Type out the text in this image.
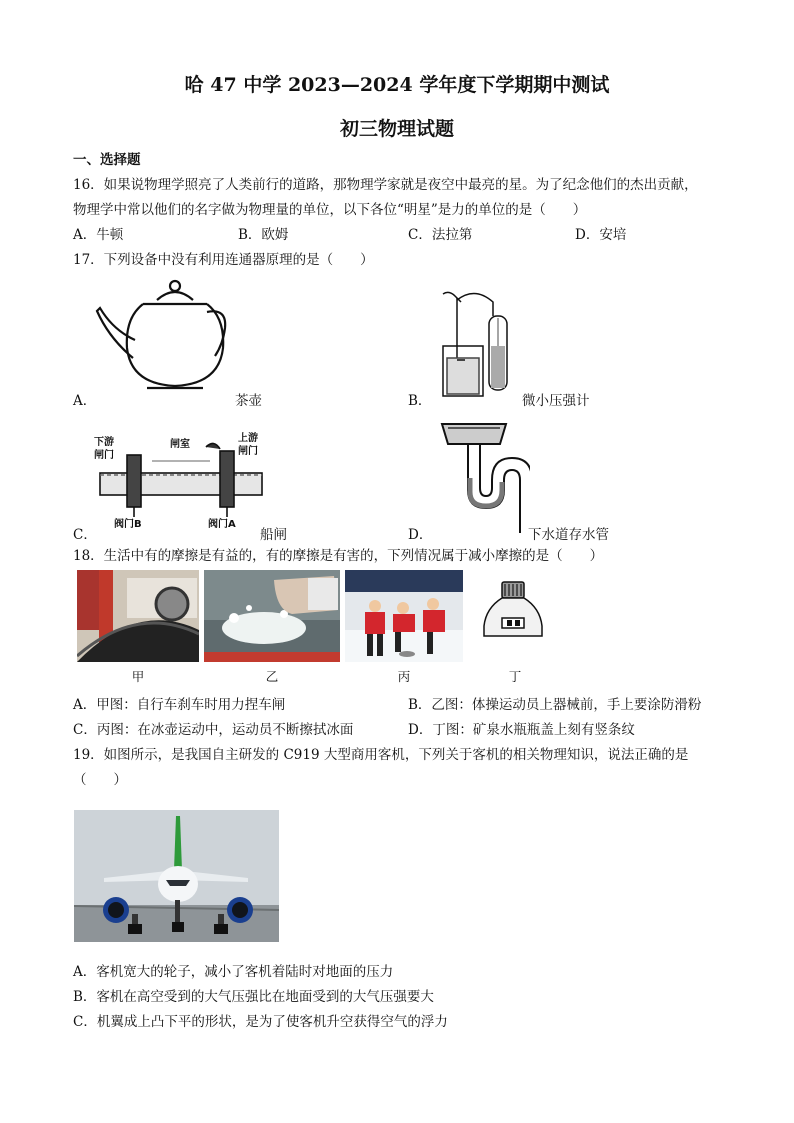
哈 47 中学 2023—2024 学年度下学期期中测试
初三物理试题
一、选择题
16．如果说物理学照亮了人类前行的道路，那物理学家就是夜空中最亮的星。为了纪念他们的杰出贡献，
物理学中常以他们的名字做为物理量的单位，以下各位“明星”是力的单位的是（　　）
A．牛顿	B．欧姆	C．法拉第	D．安培
17．下列设备中没有利用连通器原理的是（　　）
A．	茶壶	B．	微小压强计
下游
闸门
闸室
上游
闸门
阀门B	阀门A
C．	船闸	D．	下水道存水管
18．生活中有的摩擦是有益的，有的摩擦是有害的，下列情况属于减小摩擦的是（　　）
甲	乙	丙	丁
A．甲图：自行车刹车时用力捏车闸	B．乙图：体操运动员上器械前，手上要涂防滑粉
C．丙图：在冰壶运动中，运动员不断擦拭冰面	D．丁图：矿泉水瓶瓶盖上刻有竖条纹
19．如图所示，是我国自主研发的 C919 大型商用客机，下列关于客机的相关物理知识，说法正确的是
（　　）
A．客机宽大的轮子，减小了客机着陆时对地面的压力
B．客机在高空受到的大气压强比在地面受到的大气压强要大
C．机翼成上凸下平的形状，是为了使客机升空获得空气的浮力
